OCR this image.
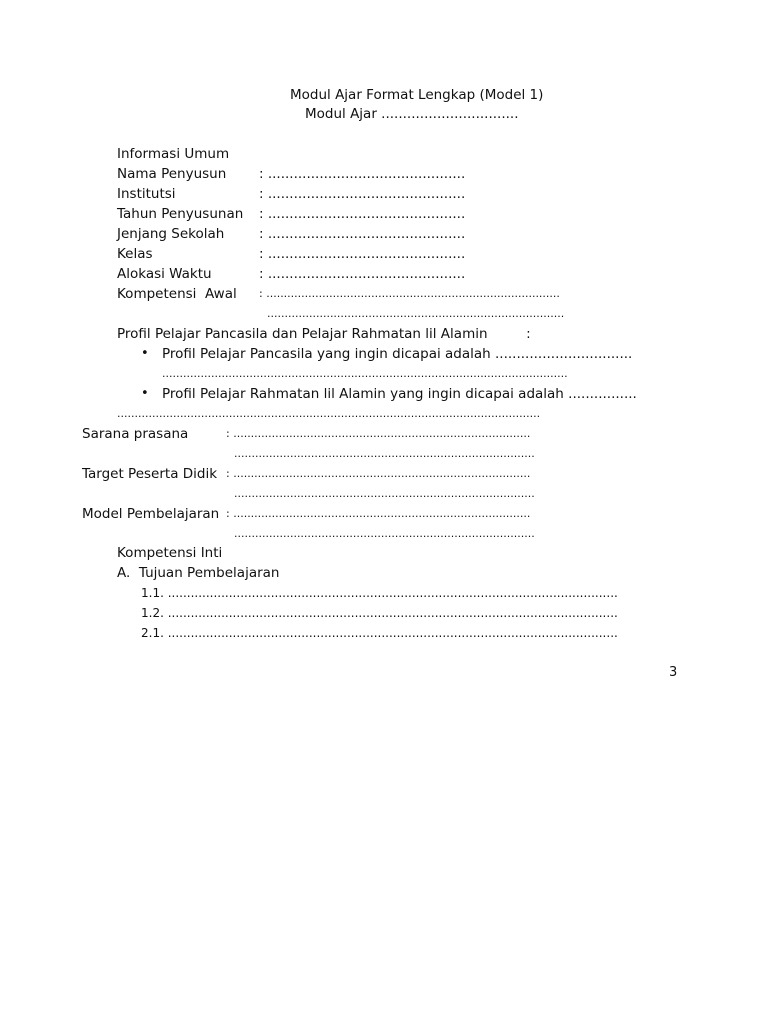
Modul Ajar Format Lengkap (Model 1)
Modul Ajar ................................
Informasi Umum
Nama Penyusun : ..............................................
Institutsi	: ..............................................
Tahun Penyusunan : ..............................................
Jenjang Sekolah	: ..............................................
Kelas	: ..............................................
Alokasi Waktu	: ..............................................
Kompetensi  Awal : ....................................................................................
.....................................................................................
Profil Pelajar Pancasila dan Pelajar Rahmatan lil Alamin         :
• Profil Pelajar Pancasila yang ingin dicapai adalah ................................
....................................................................................................................
• Profil Pelajar Rahmatan lil Alamin yang ingin dicapai adalah ................
.........................................................................................................................
Sarana prasana	: .....................................................................................
......................................................................................
Target Peserta Didik : .....................................................................................
......................................................................................
Model Pembelajaran : .....................................................................................
......................................................................................
Kompetensi Inti
A.  Tujuan Pembelajaran
1.1. ......................................................................................................................
1.2. ......................................................................................................................
2.1. ......................................................................................................................
3
